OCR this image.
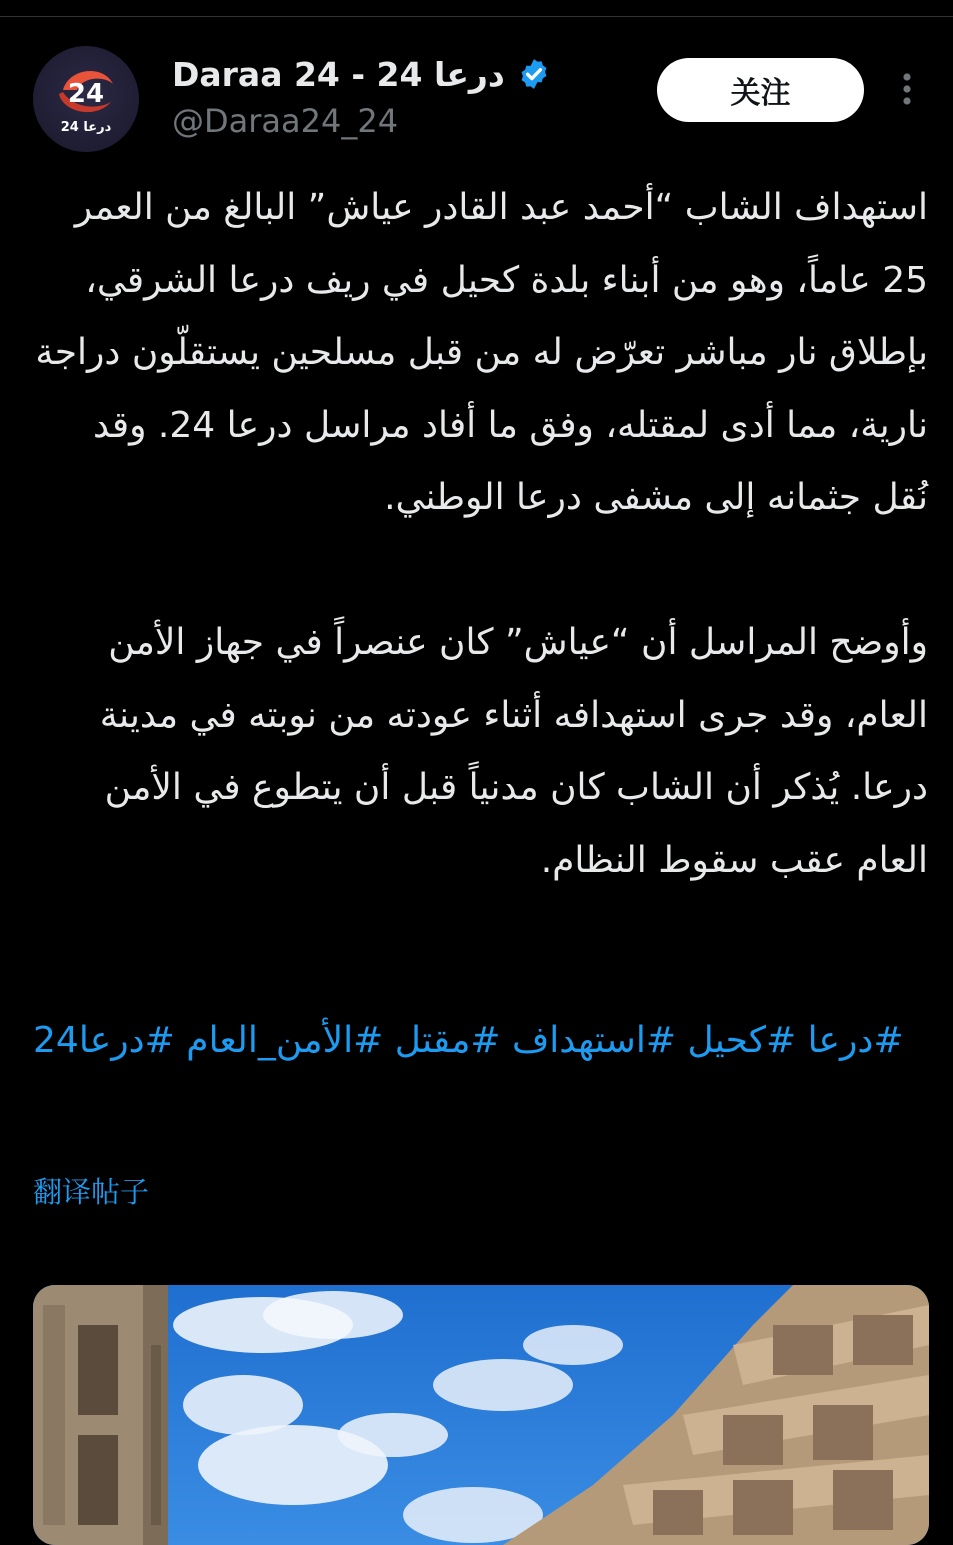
24
درعا 24
Daraa 24 - 24 درعا
@Daraa24_24
关注

استهداف الشاب “أحمد عبد القادر عياش” البالغ من العمر 25 عاماً، وهو من أبناء بلدة كحيل في ريف درعا الشرقي، بإطلاق نار مباشر تعرّض له من قبل مسلحين يستقلّون دراجة نارية، مما أدى لمقتله، وفق ما أفاد مراسل درعا 24. وقد نُقل جثمانه إلى مشفى درعا الوطني.

وأوضح المراسل أن “عياش” كان عنصراً في جهاز الأمن العام، وقد جرى استهدافه أثناء عودته من نوبته في مدينة درعا. يُذكر أن الشاب كان مدنياً قبل أن يتطوع في الأمن العام عقب سقوط النظام.

#درعا #كحيل #استهداف #مقتل #الأمن_العام #درعا24
翻译帖子
